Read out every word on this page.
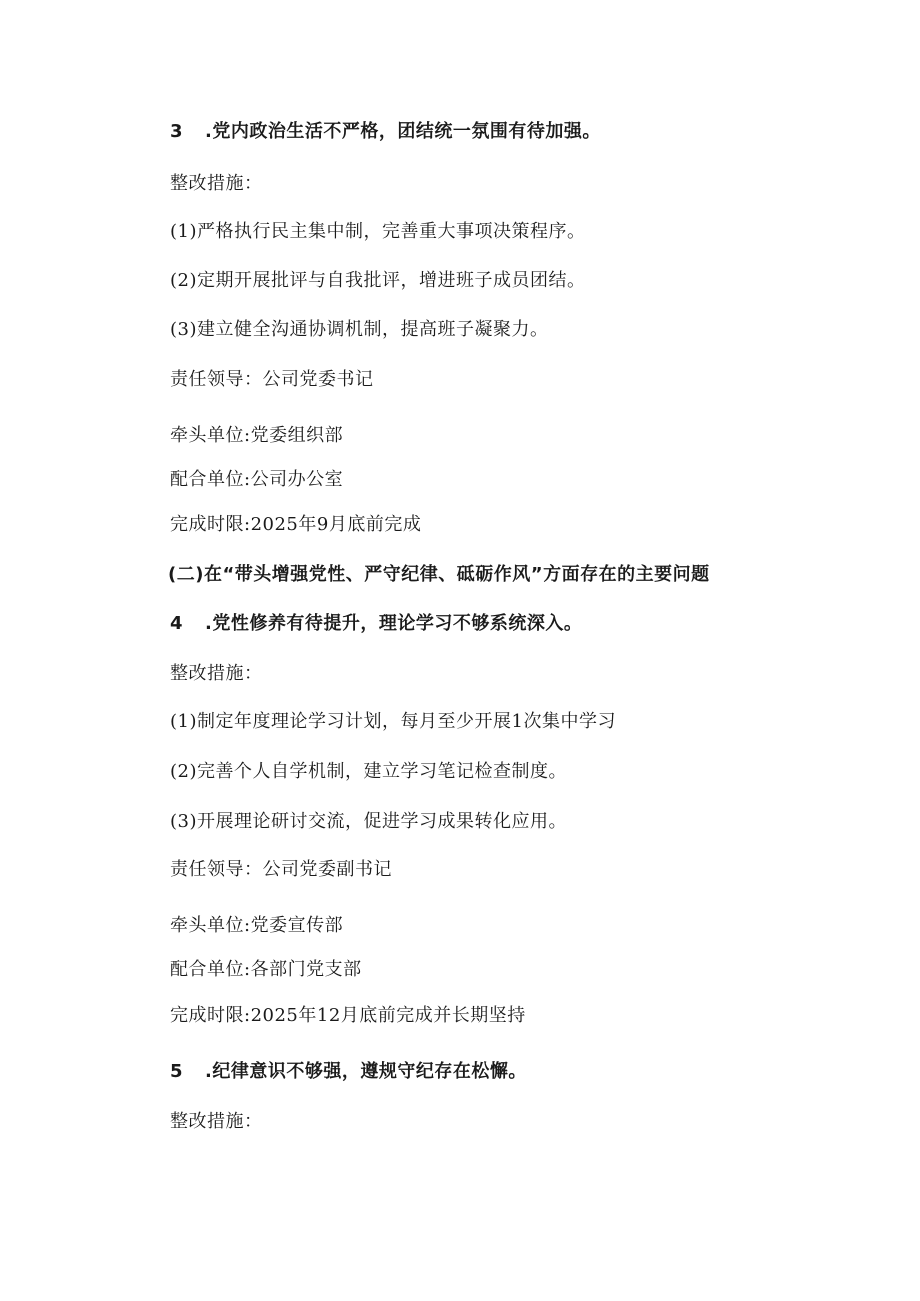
3 .党内政治生活不严格，团结统一氛围有待加强。
整改措施：
(1)严格执行民主集中制，完善重大事项决策程序。
(2)定期开展批评与自我批评，增进班子成员团结。
(3)建立健全沟通协调机制，提高班子凝聚力。
责任领导：公司党委书记
牵头单位:党委组织部
配合单位:公司办公室
完成时限:2025年9月底前完成
(二)在“带头增强党性、严守纪律、砥砺作风”方面存在的主要问题
4 .党性修养有待提升，理论学习不够系统深入。
整改措施：
(1)制定年度理论学习计划，每月至少开展1次集中学习
(2)完善个人自学机制，建立学习笔记检查制度。
(3)开展理论研讨交流，促进学习成果转化应用。
责任领导：公司党委副书记
牵头单位:党委宣传部
配合单位:各部门党支部
完成时限:2025年12月底前完成并长期坚持
5 .纪律意识不够强，遵规守纪存在松懈。
整改措施：
